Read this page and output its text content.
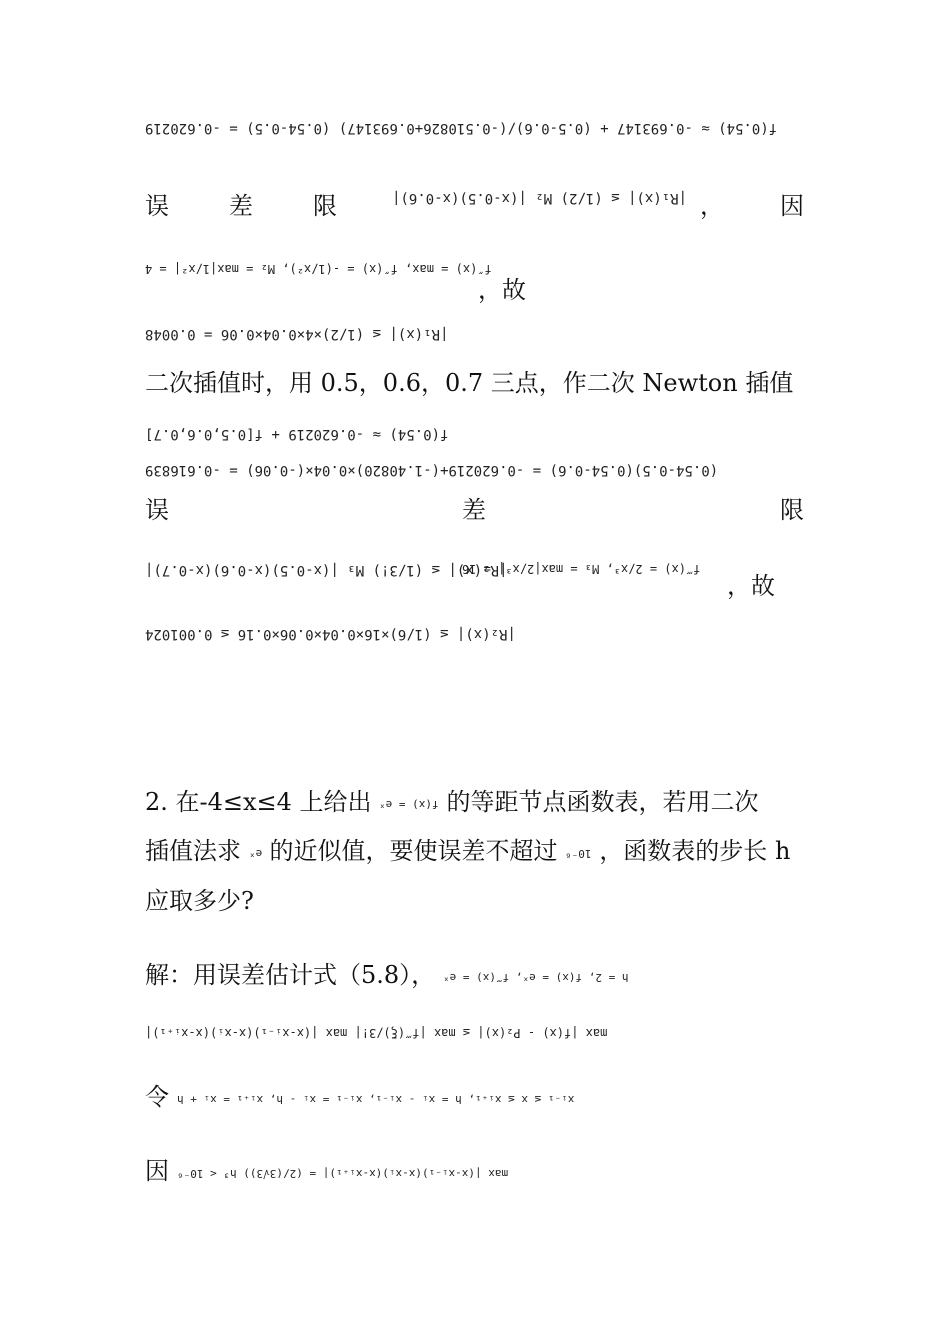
f(0.54) ≈ -0.693147 + (0.5-0.6)/(-0.510826+0.693147) (0.54-0.5) = -0.620219
误	差	限	|R₁(x)| ≤ (1/2) M₂ |(x-0.5)(x-0.6)| ， 因
f″(x) = max, f″(x) = -(1/x²), M₂ = max|1/x²| = 4
，故
|R₁(x)| ≤ (1/2)×4×0.04×0.06 = 0.0048
二次插值时，用 0.5，0.6，0.7 三点，作二次 Newton 插值
f(0.54) ≈ -0.620219 + f[0.5,0.6,0.7]
(0.54-0.5)(0.54-0.6) = -0.620219+(-1.40820)×0.04×(-0.06) = -0.616839
误	差	限
|R₂(x)| ≤ (1/3!) M₃ |(x-0.5)(x-0.6)(x-0.7)|
f‴(x) = 2/x³, M₃ = max|2/x³| = 16
，故
|R₂(x)| ≤ (1/6)×16×0.04×0.06×0.16 ≤ 0.001024
2. 在-4≤x≤4 上给出 f(x) = eˣ 的等距节点函数表，若用二次
插值法求 eˣ 的近似值，要使误差不超过 10⁻⁶ ，函数表的步长 h
应取多少?
解：用误差估计式（5.8）， h = 2, f(x) = eˣ, f‴(x) = eˣ
max |f(x) - P₂(x)| ≤ max |f‴(ξ)/3!| max |(x-xᵢ₋₁)(x-xᵢ)(x-xᵢ₊₁)|
令 xᵢ₋₁ ≤ x ≤ xᵢ₊₁, h = xᵢ - xᵢ₋₁, xᵢ₋₁ = xᵢ - h, xᵢ₊₁ = xᵢ + h
因 max |(x-xᵢ₋₁)(x-xᵢ)(x-xᵢ₊₁)| = (2/(3√3)) h³ < 10⁻⁶
